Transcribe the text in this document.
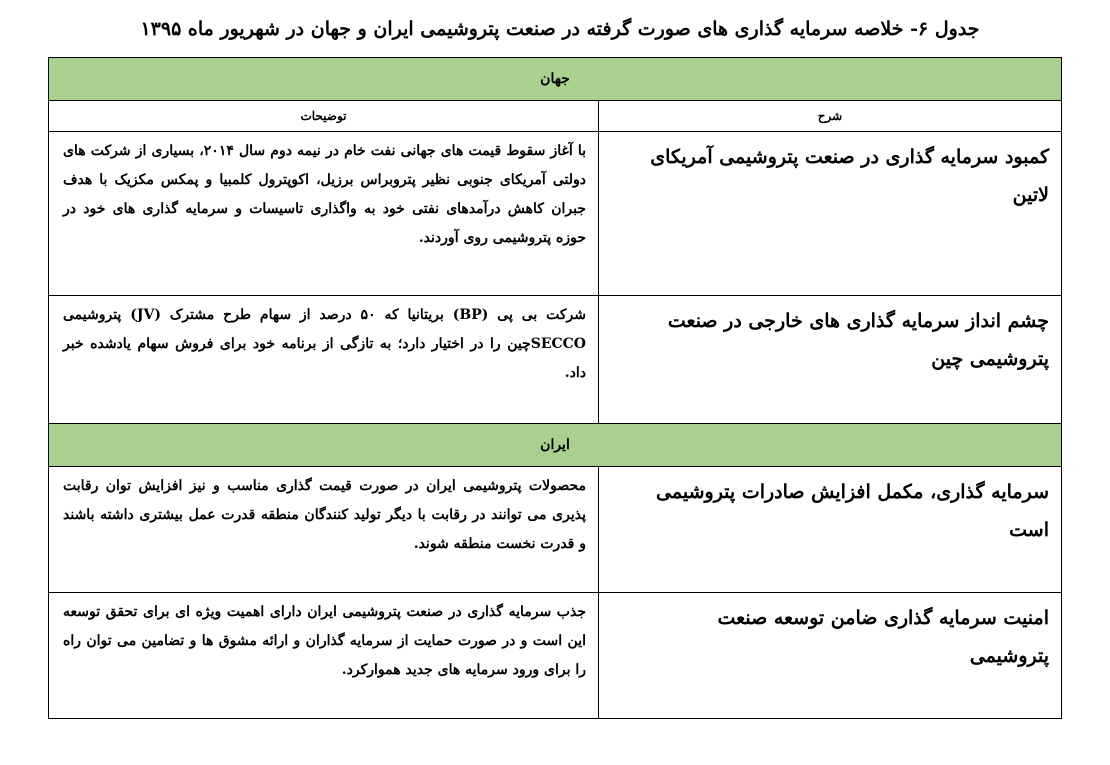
جدول ۶- خلاصه سرمایه گذاری های صورت گرفته در صنعت پتروشیمی ایران و جهان در شهریور ماه ۱۳۹۵
جهان	
شرح	توضیحات
کمبود سرمایه گذاری در صنعت پتروشیمی آمریکای لاتین	با آغاز سقوط قیمت های جهانی نفت خام در نیمه دوم سال ۲۰۱۴، بسیاری از شرکت های دولتی آمریکای جنوبی نظیر پتروبراس برزیل، اکوپترول کلمبیا و پمکس مکزیک با هدف جبران کاهش درآمدهای نفتی خود به واگذاری تاسیسات و سرمایه گذاری های خود در حوزه پتروشیمی روی آوردند.
چشم انداز سرمایه گذاری های خارجی در صنعت پتروشیمی چین	شرکت بی پی (BP) بریتانیا که ۵۰ درصد از سهام طرح مشترک (JV) پتروشیمی SECCOچین را در اختیار دارد؛ به تازگی از برنامه خود برای فروش سهام یادشده خبر داد.
ایران	
سرمایه گذاری، مکمل افزایش صادرات پتروشیمی است	محصولات پتروشیمی ایران در صورت قیمت گذاری مناسب و نیز افزایش توان رقابت پذیری می توانند در رقابت با دیگر تولید کنندگان منطقه قدرت عمل بیشتری داشته باشند و قدرت نخست منطقه شوند.
امنیت سرمایه گذاری ضامن توسعه صنعت پتروشیمی	جذب سرمایه گذاری در صنعت پتروشیمی ایران دارای اهمیت ویژه ای برای تحقق توسعه این است و در صورت حمایت از سرمایه گذاران و ارائه مشوق ها و تضامین می توان راه را برای ورود سرمایه های جدید هموارکرد.
